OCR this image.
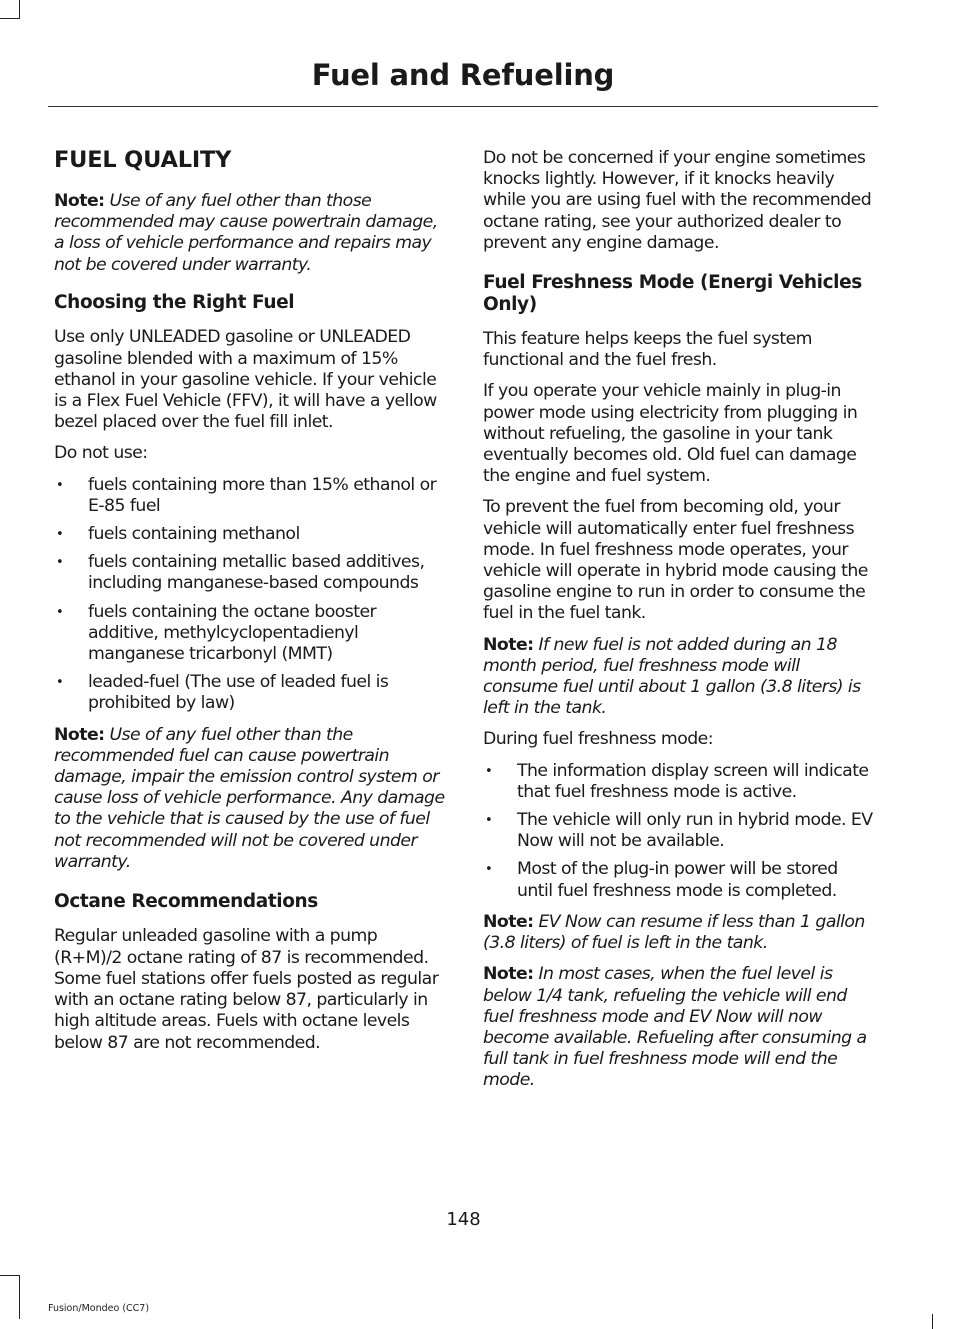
Fuel and Refueling
FUEL QUALITY

Note: Use of any fuel other than those recommended may cause powertrain damage, a loss of vehicle performance and repairs may not be covered under warranty.

Choosing the Right Fuel

Use only UNLEADED gasoline or UNLEADED gasoline blended with a maximum of 15% ethanol in your gasoline vehicle. If your vehicle is a Flex Fuel Vehicle (FFV), it will have a yellow bezel placed over the fuel fill inlet.

Do not use:

• fuels containing more than 15% ethanol or E-85 fuel
• fuels containing methanol
• fuels containing metallic based additives, including manganese-based compounds
• fuels containing the octane booster additive, methylcyclopentadienyl manganese tricarbonyl (MMT)
• leaded-fuel (The use of leaded fuel is prohibited by law)

Note: Use of any fuel other than the recommended fuel can cause powertrain damage, impair the emission control system or cause loss of vehicle performance. Any damage to the vehicle that is caused by the use of fuel not recommended will not be covered under warranty.

Octane Recommendations

Regular unleaded gasoline with a pump (R+M)/2 octane rating of 87 is recommended. Some fuel stations offer fuels posted as regular with an octane rating below 87, particularly in high altitude areas. Fuels with octane levels below 87 are not recommended.

Do not be concerned if your engine sometimes knocks lightly. However, if it knocks heavily while you are using fuel with the recommended octane rating, see your authorized dealer to prevent any engine damage.

Fuel Freshness Mode (Energi Vehicles Only)

This feature helps keeps the fuel system functional and the fuel fresh.

If you operate your vehicle mainly in plug-in power mode using electricity from plugging in without refueling, the gasoline in your tank eventually becomes old. Old fuel can damage the engine and fuel system.

To prevent the fuel from becoming old, your vehicle will automatically enter fuel freshness mode. In fuel freshness mode operates, your vehicle will operate in hybrid mode causing the gasoline engine to run in order to consume the fuel in the fuel tank.

Note: If new fuel is not added during an 18 month period, fuel freshness mode will consume fuel until about 1 gallon (3.8 liters) is left in the tank.

During fuel freshness mode:

• The information display screen will indicate that fuel freshness mode is active.
• The vehicle will only run in hybrid mode. EV Now will not be available.
• Most of the plug-in power will be stored until fuel freshness mode is completed.

Note: EV Now can resume if less than 1 gallon (3.8 liters) of fuel is left in the tank.

Note: In most cases, when the fuel level is below 1/4 tank, refueling the vehicle will end fuel freshness mode and EV Now will now become available. Refueling after consuming a full tank in fuel freshness mode will end the mode.

148
Fusion/Mondeo (CC7)
